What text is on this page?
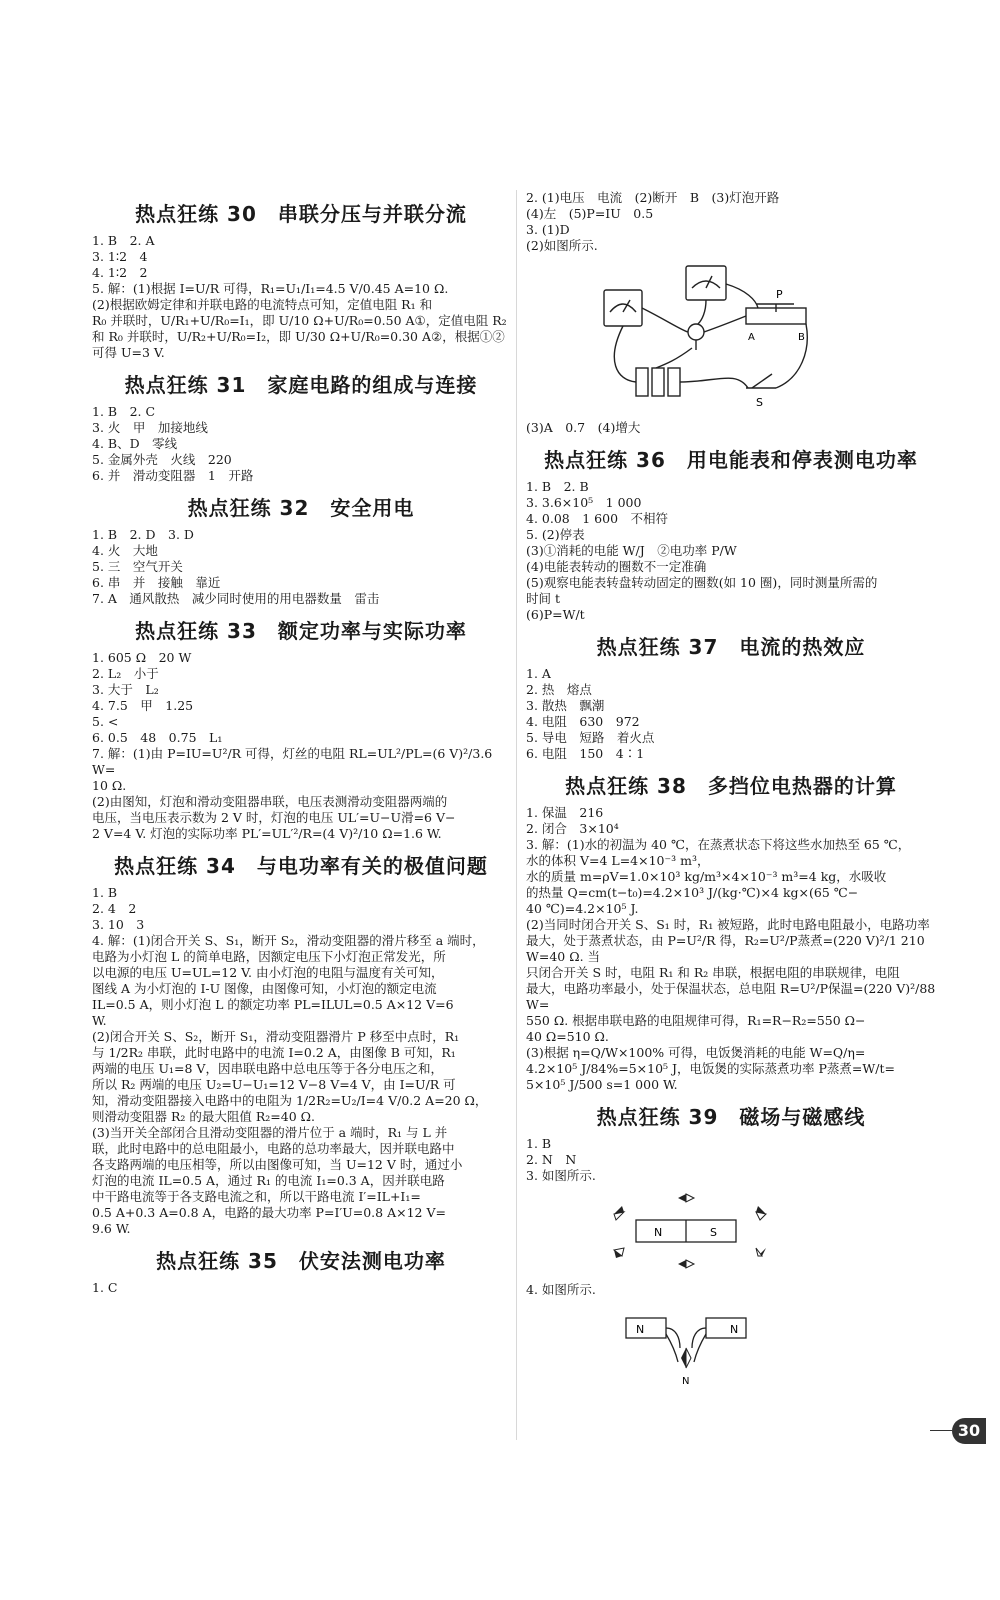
热点狂练 30　串联分压与并联分流

1. B　2. A

3. 1∶2　4

4. 1∶2　2

5. 解：(1)根据 I=U/R 可得，R₁=U₁/I₁=4.5 V/0.45 A=10 Ω.

(2)根据欧姆定律和并联电路的电流特点可知，定值电阻 R₁ 和

R₀ 并联时，U/R₁+U/R₀=I₁，即 U/10 Ω+U/R₀=0.50 A①，定值电阻 R₂

和 R₀ 并联时，U/R₂+U/R₀=I₂，即 U/30 Ω+U/R₀=0.30 A②，根据①②

可得 U=3 V.

热点狂练 31　家庭电路的组成与连接

1. B　2. C

3. 火　甲　加接地线

4. B、D　零线

5. 金属外壳　火线　220

6. 并　滑动变阻器　1　开路

热点狂练 32　安全用电

1. B　2. D　3. D

4. 火　大地

5. 三　空气开关

6. 串　并　接触　靠近

7. A　通风散热　减少同时使用的用电器数量　雷击

热点狂练 33　额定功率与实际功率

1. 605 Ω　20 W

2. L₂　小于

3. 大于　L₂

4. 7.5　甲　1.25

5. <

6. 0.5　48　0.75　L₁

7. 解：(1)由 P=IU=U²/R 可得，灯丝的电阻 RL=UL²/PL=(6 V)²/3.6 W=

10 Ω.

(2)由图知，灯泡和滑动变阻器串联，电压表测滑动变阻器两端的

电压，当电压表示数为 2 V 时，灯泡的电压 UL′=U−U滑=6 V−

2 V=4 V. 灯泡的实际功率 PL′=UL′²/R=(4 V)²/10 Ω=1.6 W.

热点狂练 34　与电功率有关的极值问题

1. B

2. 4　2

3. 10　3

4. 解：(1)闭合开关 S、S₁，断开 S₂，滑动变阻器的滑片移至 a 端时，

电路为小灯泡 L 的简单电路，因额定电压下小灯泡正常发光，所

以电源的电压 U=UL=12 V. 由小灯泡的电阻与温度有关可知，

图线 A 为小灯泡的 I-U 图像，由图像可知，小灯泡的额定电流

IL=0.5 A，则小灯泡 L 的额定功率 PL=ILUL=0.5 A×12 V=6

W.

(2)闭合开关 S、S₂，断开 S₁，滑动变阻器滑片 P 移至中点时，R₁

与 1/2R₂ 串联，此时电路中的电流 I=0.2 A，由图像 B 可知，R₁

两端的电压 U₁=8 V，因串联电路中总电压等于各分电压之和，

所以 R₂ 两端的电压 U₂=U−U₁=12 V−8 V=4 V，由 I=U/R 可

知，滑动变阻器接入电路中的电阻为 1/2R₂=U₂/I=4 V/0.2 A=20 Ω，

则滑动变阻器 R₂ 的最大阻值 R₂=40 Ω.

(3)当开关全部闭合且滑动变阻器的滑片位于 a 端时，R₁ 与 L 并

联，此时电路中的总电阻最小，电路的总功率最大，因并联电路中

各支路两端的电压相等，所以由图像可知，当 U=12 V 时，通过小

灯泡的电流 IL=0.5 A，通过 R₁ 的电流 I₁=0.3 A，因并联电路

中干路电流等于各支路电流之和，所以干路电流 I′=IL+I₁=

0.5 A+0.3 A=0.8 A，电路的最大功率 P=I′U=0.8 A×12 V=

9.6 W.

热点狂练 35　伏安法测电功率

1. C

2. (1)电压　电流　(2)断开　B　(3)灯泡开路

(4)左　(5)P=IU　0.5

3. (1)D

(2)如图所示.

P
A	B
S

(3)A　0.7　(4)增大

热点狂练 36　用电能表和停表测电功率

1. B　2. B

3. 3.6×10⁵　1 000

4. 0.08　1 600　不相符

5. (2)停表

(3)①消耗的电能 W/J　②电功率 P/W

(4)电能表转动的圈数不一定准确

(5)观察电能表转盘转动固定的圈数(如 10 圈)，同时测量所需的

时间 t

(6)P=W/t

热点狂练 37　电流的热效应

1. A

2. 热　熔点

3. 散热　飘潮

4. 电阻　630　972

5. 导电　短路　着火点

6. 电阻　150　4∶1

热点狂练 38　多挡位电热器的计算

1. 保温　216

2. 闭合　3×10⁴

3. 解：(1)水的初温为 40 ℃，在蒸煮状态下将这些水加热至 65 ℃，

水的体积 V=4 L=4×10⁻³ m³，

水的质量 m=ρV=1.0×10³ kg/m³×4×10⁻³ m³=4 kg，水吸收

的热量 Q=cm(t−t₀)=4.2×10³ J/(kg·℃)×4 kg×(65 ℃−

40 ℃)=4.2×10⁵ J.

(2)当同时闭合开关 S、S₁ 时，R₁ 被短路，此时电路电阻最小，电路功率

最大，处于蒸煮状态，由 P=U²/R 得，R₂=U²/P蒸煮=(220 V)²/1 210 W=40 Ω. 当

只闭合开关 S 时，电阻 R₁ 和 R₂ 串联，根据电阻的串联规律，电阻

最大，电路功率最小，处于保温状态，总电阻 R=U²/P保温=(220 V)²/88 W=

550 Ω. 根据串联电路的电阻规律可得，R₁=R−R₂=550 Ω−

40 Ω=510 Ω.

(3)根据 η=Q/W×100% 可得，电饭煲消耗的电能 W=Q/η=

4.2×10⁵ J/84%=5×10⁵ J，电饭煲的实际蒸煮功率 P蒸煮=W/t=

5×10⁵ J/500 s=1 000 W.

热点狂练 39　磁场与磁感线

1. B

2. N　N

3. 如图所示.

N	S

4. 如图所示.

N	N
N
30
